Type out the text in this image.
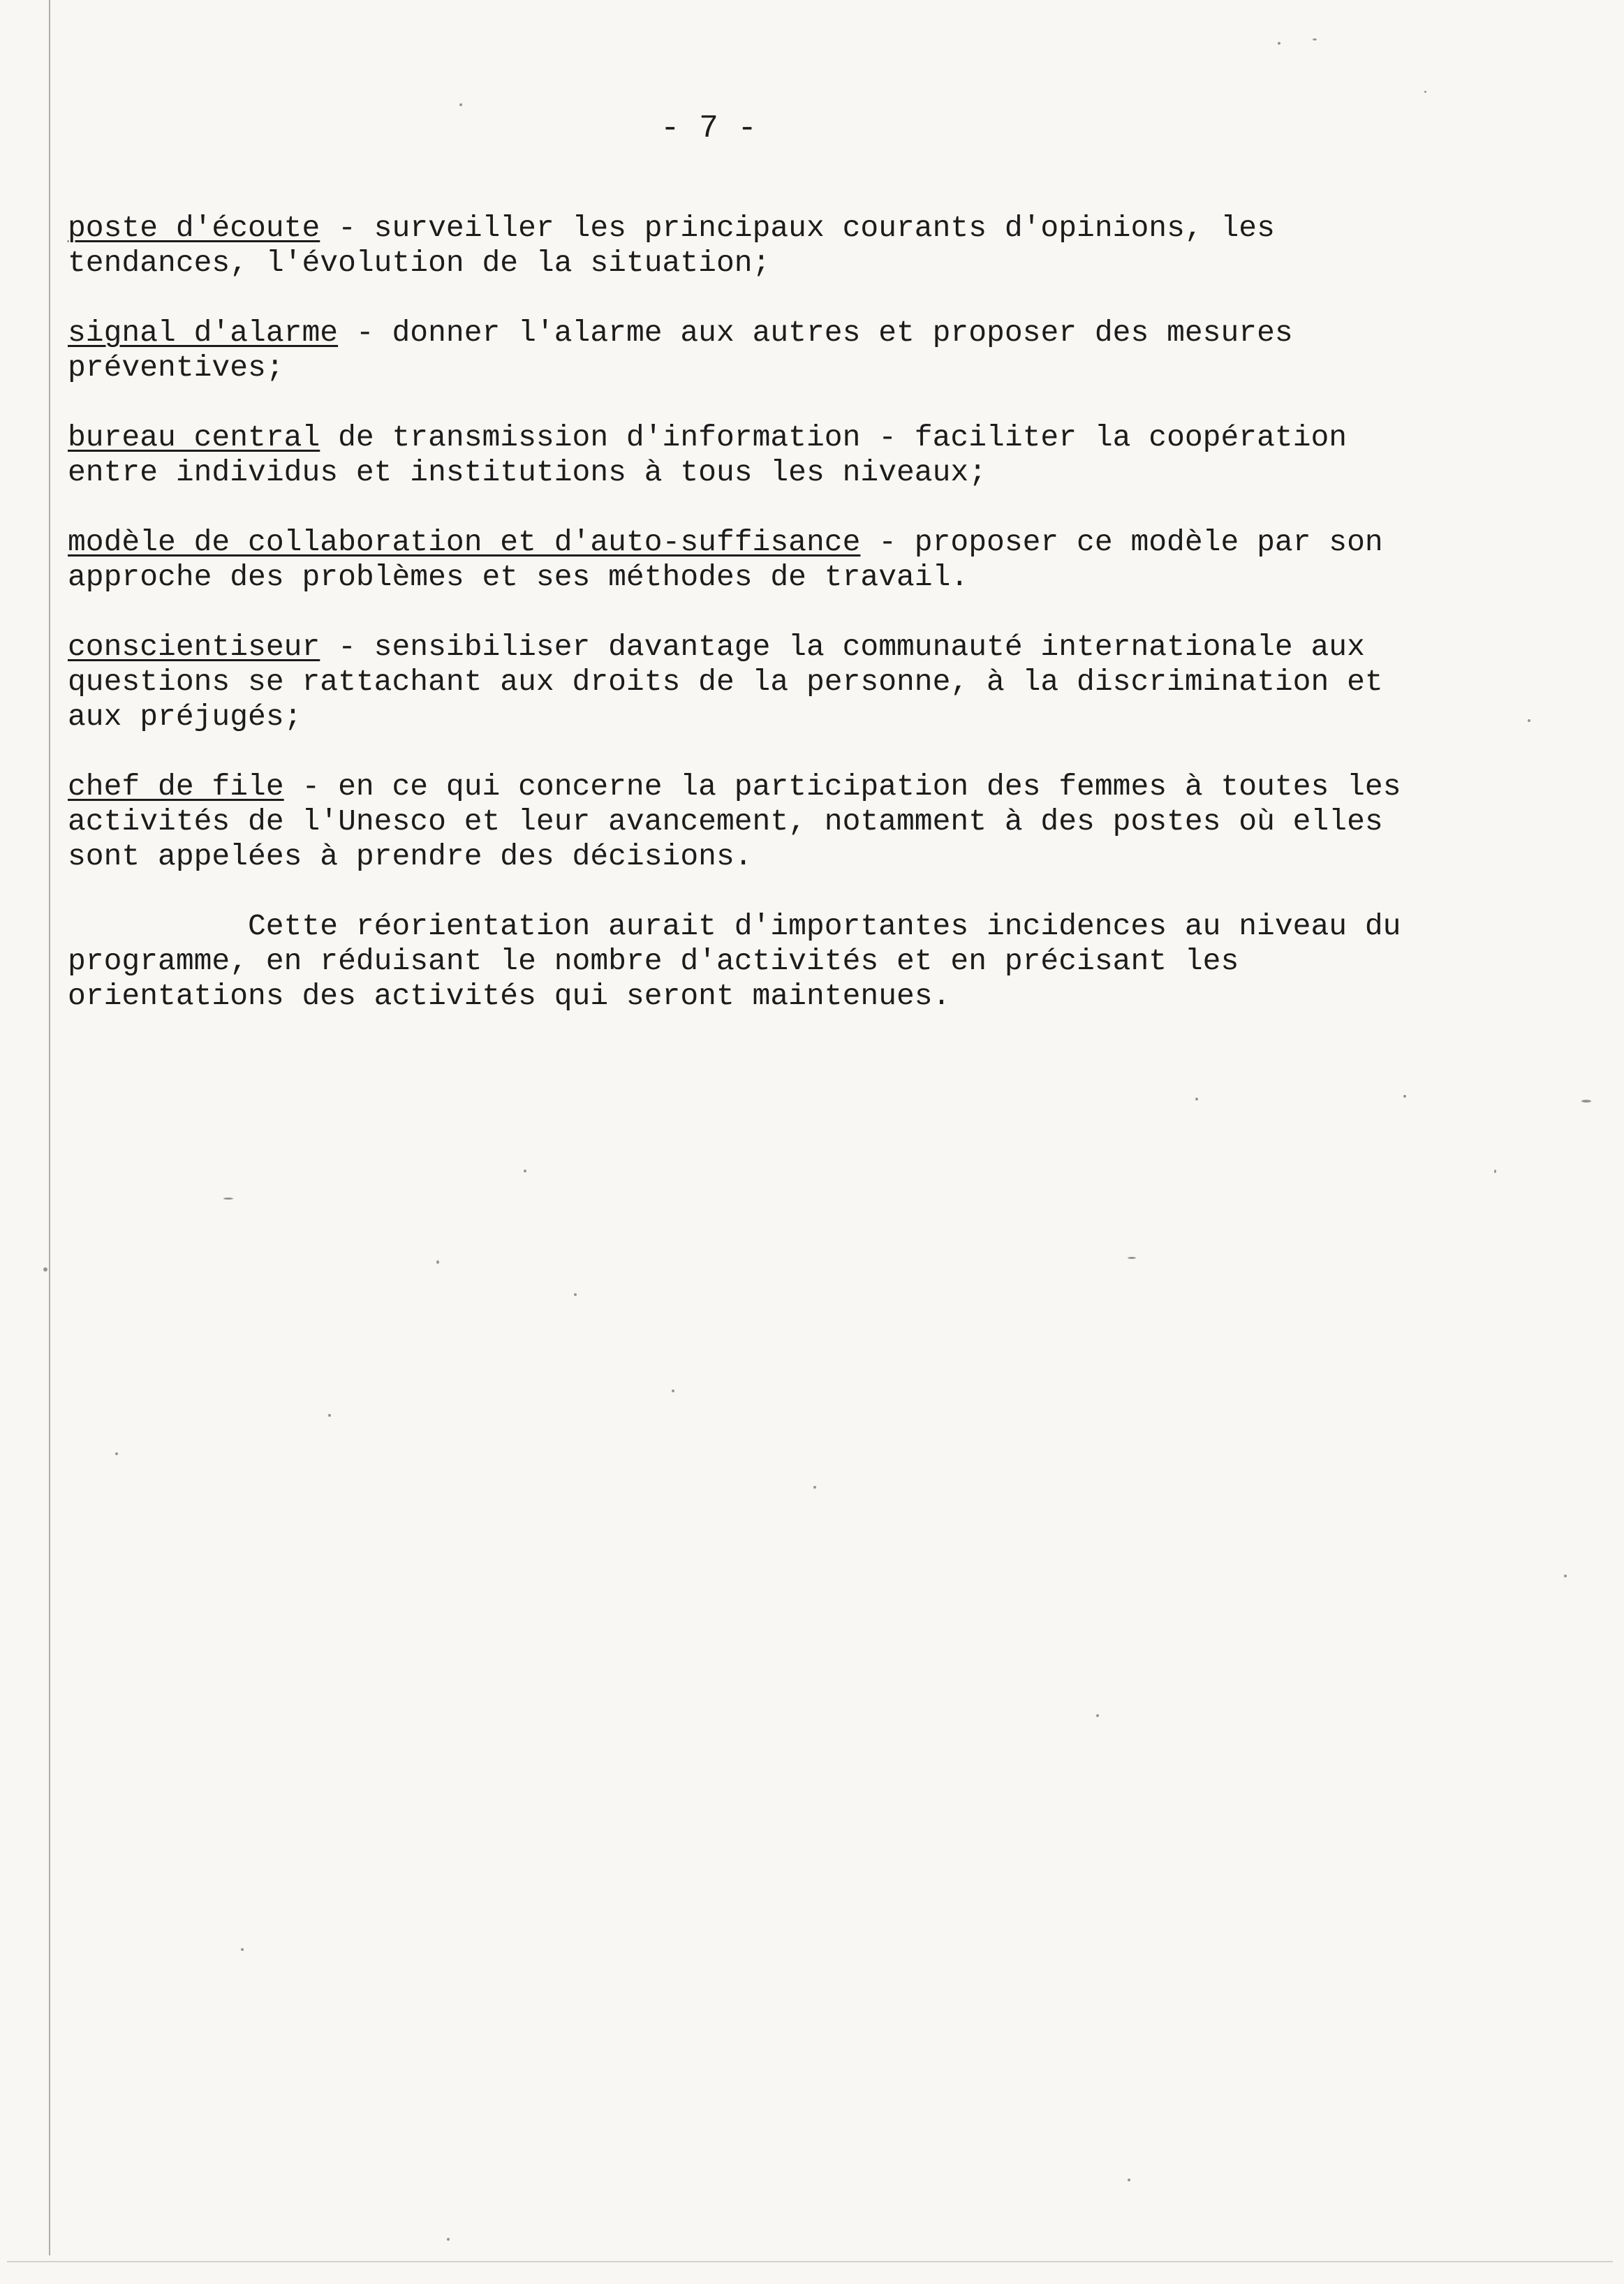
- 7 -

poste d'écoute - surveiller les principaux courants d'opinions, les
tendances, l'évolution de la situation;

signal d'alarme - donner l'alarme aux autres et proposer des mesures
préventives;

bureau central de transmission d'information - faciliter la coopération
entre individus et institutions à tous les niveaux;

modèle de collaboration et d'auto-suffisance - proposer ce modèle par son
approche des problèmes et ses méthodes de travail.

conscientiseur - sensibiliser davantage la communauté internationale aux
questions se rattachant aux droits de la personne, à la discrimination et
aux préjugés;

chef de file - en ce qui concerne la participation des femmes à toutes les
activités de l'Unesco et leur avancement, notamment à des postes où elles
sont appelées à prendre des décisions.

Cette réorientation aurait d'importantes incidences au niveau du
programme, en réduisant le nombre d'activités et en précisant les
orientations des activités qui seront maintenues.
